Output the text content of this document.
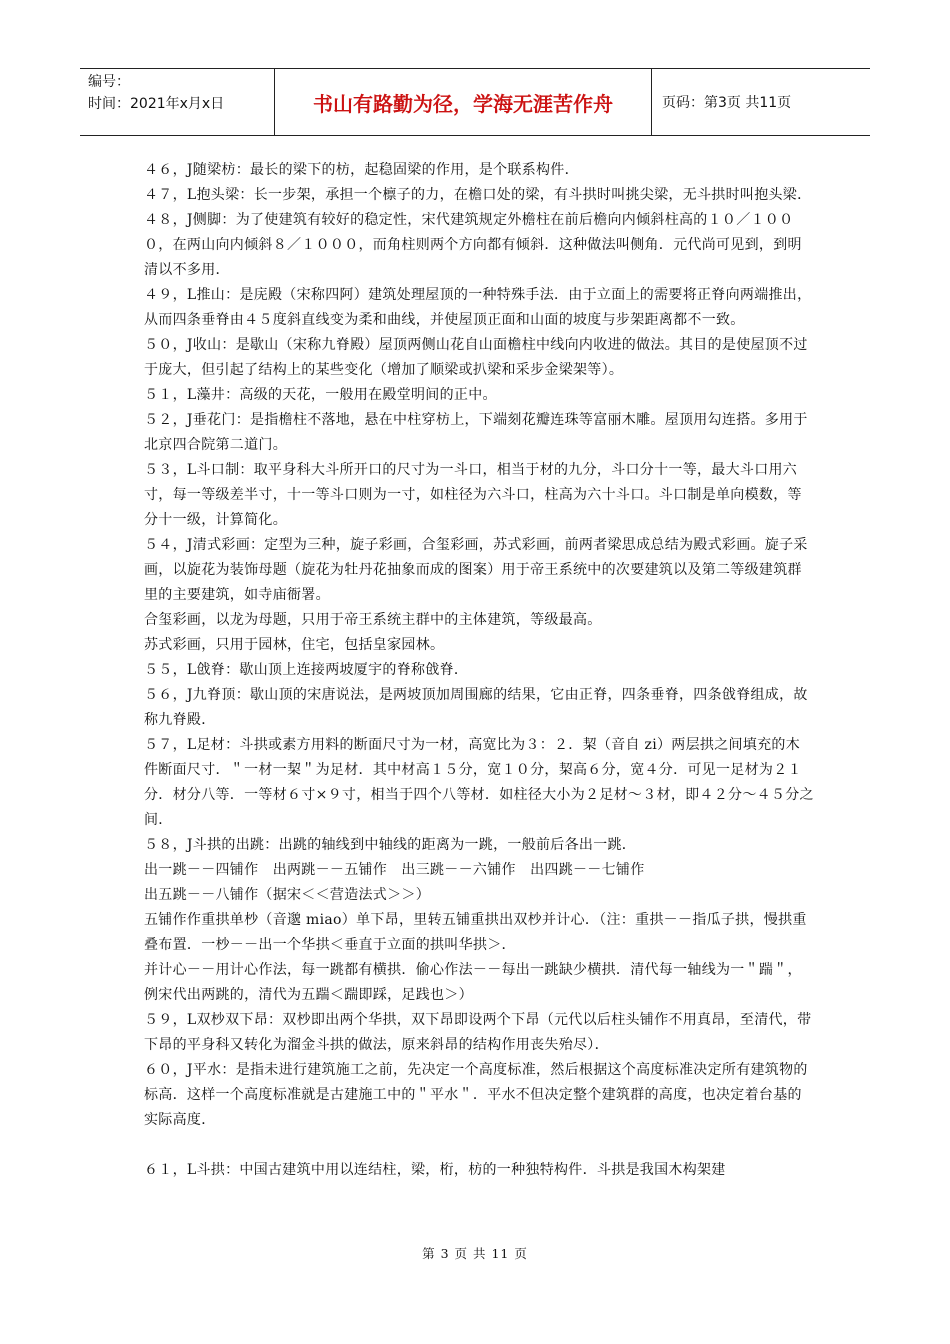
编号：
时间：2021年x月x日	书山有路勤为径，学海无涯苦作舟	页码：第3页 共11页

４６，J随梁枋：最长的梁下的枋，起稳固梁的作用，是个联系构件．

４７，L抱头梁：长一步架，承担一个檩子的力，在檐口处的梁，有斗拱时叫挑尖梁，无斗拱时叫抱头梁．

４８，J侧脚：为了使建筑有较好的稳定性，宋代建筑规定外檐柱在前后檐向内倾斜柱高的１０／１０００，在两山向内倾斜８／１０００，而角柱则两个方向都有倾斜．这种做法叫侧角．元代尚可见到，到明清以不多用．

４９，L推山：是庑殿（宋称四阿）建筑处理屋顶的一种特殊手法．由于立面上的需要将正脊向两端推出，从而四条垂脊由４５度斜直线变为柔和曲线，并使屋顶正面和山面的坡度与步架距离都不一致。

５０，J收山：是歇山（宋称九脊殿）屋顶两侧山花自山面檐柱中线向内收进的做法。其目的是使屋顶不过于庞大，但引起了结构上的某些变化（增加了顺梁或扒梁和采步金梁架等）。

５１，L藻井：高级的天花，一般用在殿堂明间的正中。

５２，J垂花门：是指檐柱不落地，悬在中柱穿枋上，下端刻花瓣连珠等富丽木雕。屋顶用勾连搭。多用于北京四合院第二道门。

５３，L斗口制：取平身科大斗所开口的尺寸为一斗口，相当于材的九分，斗口分十一等，最大斗口用六寸，每一等级差半寸，十一等斗口则为一寸，如柱径为六斗口，柱高为六十斗口。斗口制是单向模数，等分十一级，计算简化。

５４，J清式彩画：定型为三种，旋子彩画，合玺彩画，苏式彩画，前两者梁思成总结为殿式彩画。旋子采画，以旋花为装饰母题（旋花为牡丹花抽象而成的图案）用于帝王系统中的次要建筑以及第二等级建筑群里的主要建筑，如寺庙衙署。

合玺彩画，以龙为母题，只用于帝王系统主群中的主体建筑，等级最高。

苏式彩画，只用于园林，住宅，包括皇家园林。

５５，L戗脊：歇山顶上连接两坡厦宇的脊称戗脊．

５６，J九脊顶：歇山顶的宋唐说法，是两坡顶加周围廊的结果，它由正脊，四条垂脊，四条戗脊组成，故称九脊殿．

５７，L足材：斗拱或素方用料的断面尺寸为一材，高宽比为３：２．栔（音自 zi）两层拱之间填充的木件断面尺寸．＂一材一栔＂为足材．其中材高１５分，宽１０分，栔高６分，宽４分．可见一足材为２１分．材分八等．一等材６寸×９寸，相当于四个八等材．如柱径大小为２足材～３材，即４２分～４５分之间．

５８，J斗拱的出跳：出跳的轴线到中轴线的距离为一跳，一般前后各出一跳．

出一跳－－四铺作　出两跳－－五铺作　出三跳－－六铺作　出四跳－－七铺作

出五跳－－八铺作（据宋＜＜营造法式＞＞）

五铺作作重拱单杪（音邈 miao）单下昂，里转五铺重拱出双杪并计心．（注：重拱－－指瓜子拱，慢拱重叠布置．一杪－－出一个华拱＜垂直于立面的拱叫华拱＞．

并计心－－用计心作法，每一跳都有横拱．偷心作法－－每出一跳缺少横拱．清代每一轴线为一＂踹＂，例宋代出两跳的，清代为五踹＜踹即踩，足践也＞）

５９，L双杪双下昂：双杪即出两个华拱，双下昂即设两个下昂（元代以后柱头铺作不用真昂，至清代，带下昂的平身科又转化为溜金斗拱的做法，原来斜昂的结构作用丧失殆尽）．

６０，J平水：是指未进行建筑施工之前，先决定一个高度标准，然后根据这个高度标准决定所有建筑物的标高．这样一个高度标准就是古建施工中的＂平水＂．平水不但决定整个建筑群的高度，也决定着台基的实际高度．

６１，L斗拱：中国古建筑中用以连结柱，梁，桁，枋的一种独特构件．斗拱是我国木构架建

第 3 页 共 11 页
